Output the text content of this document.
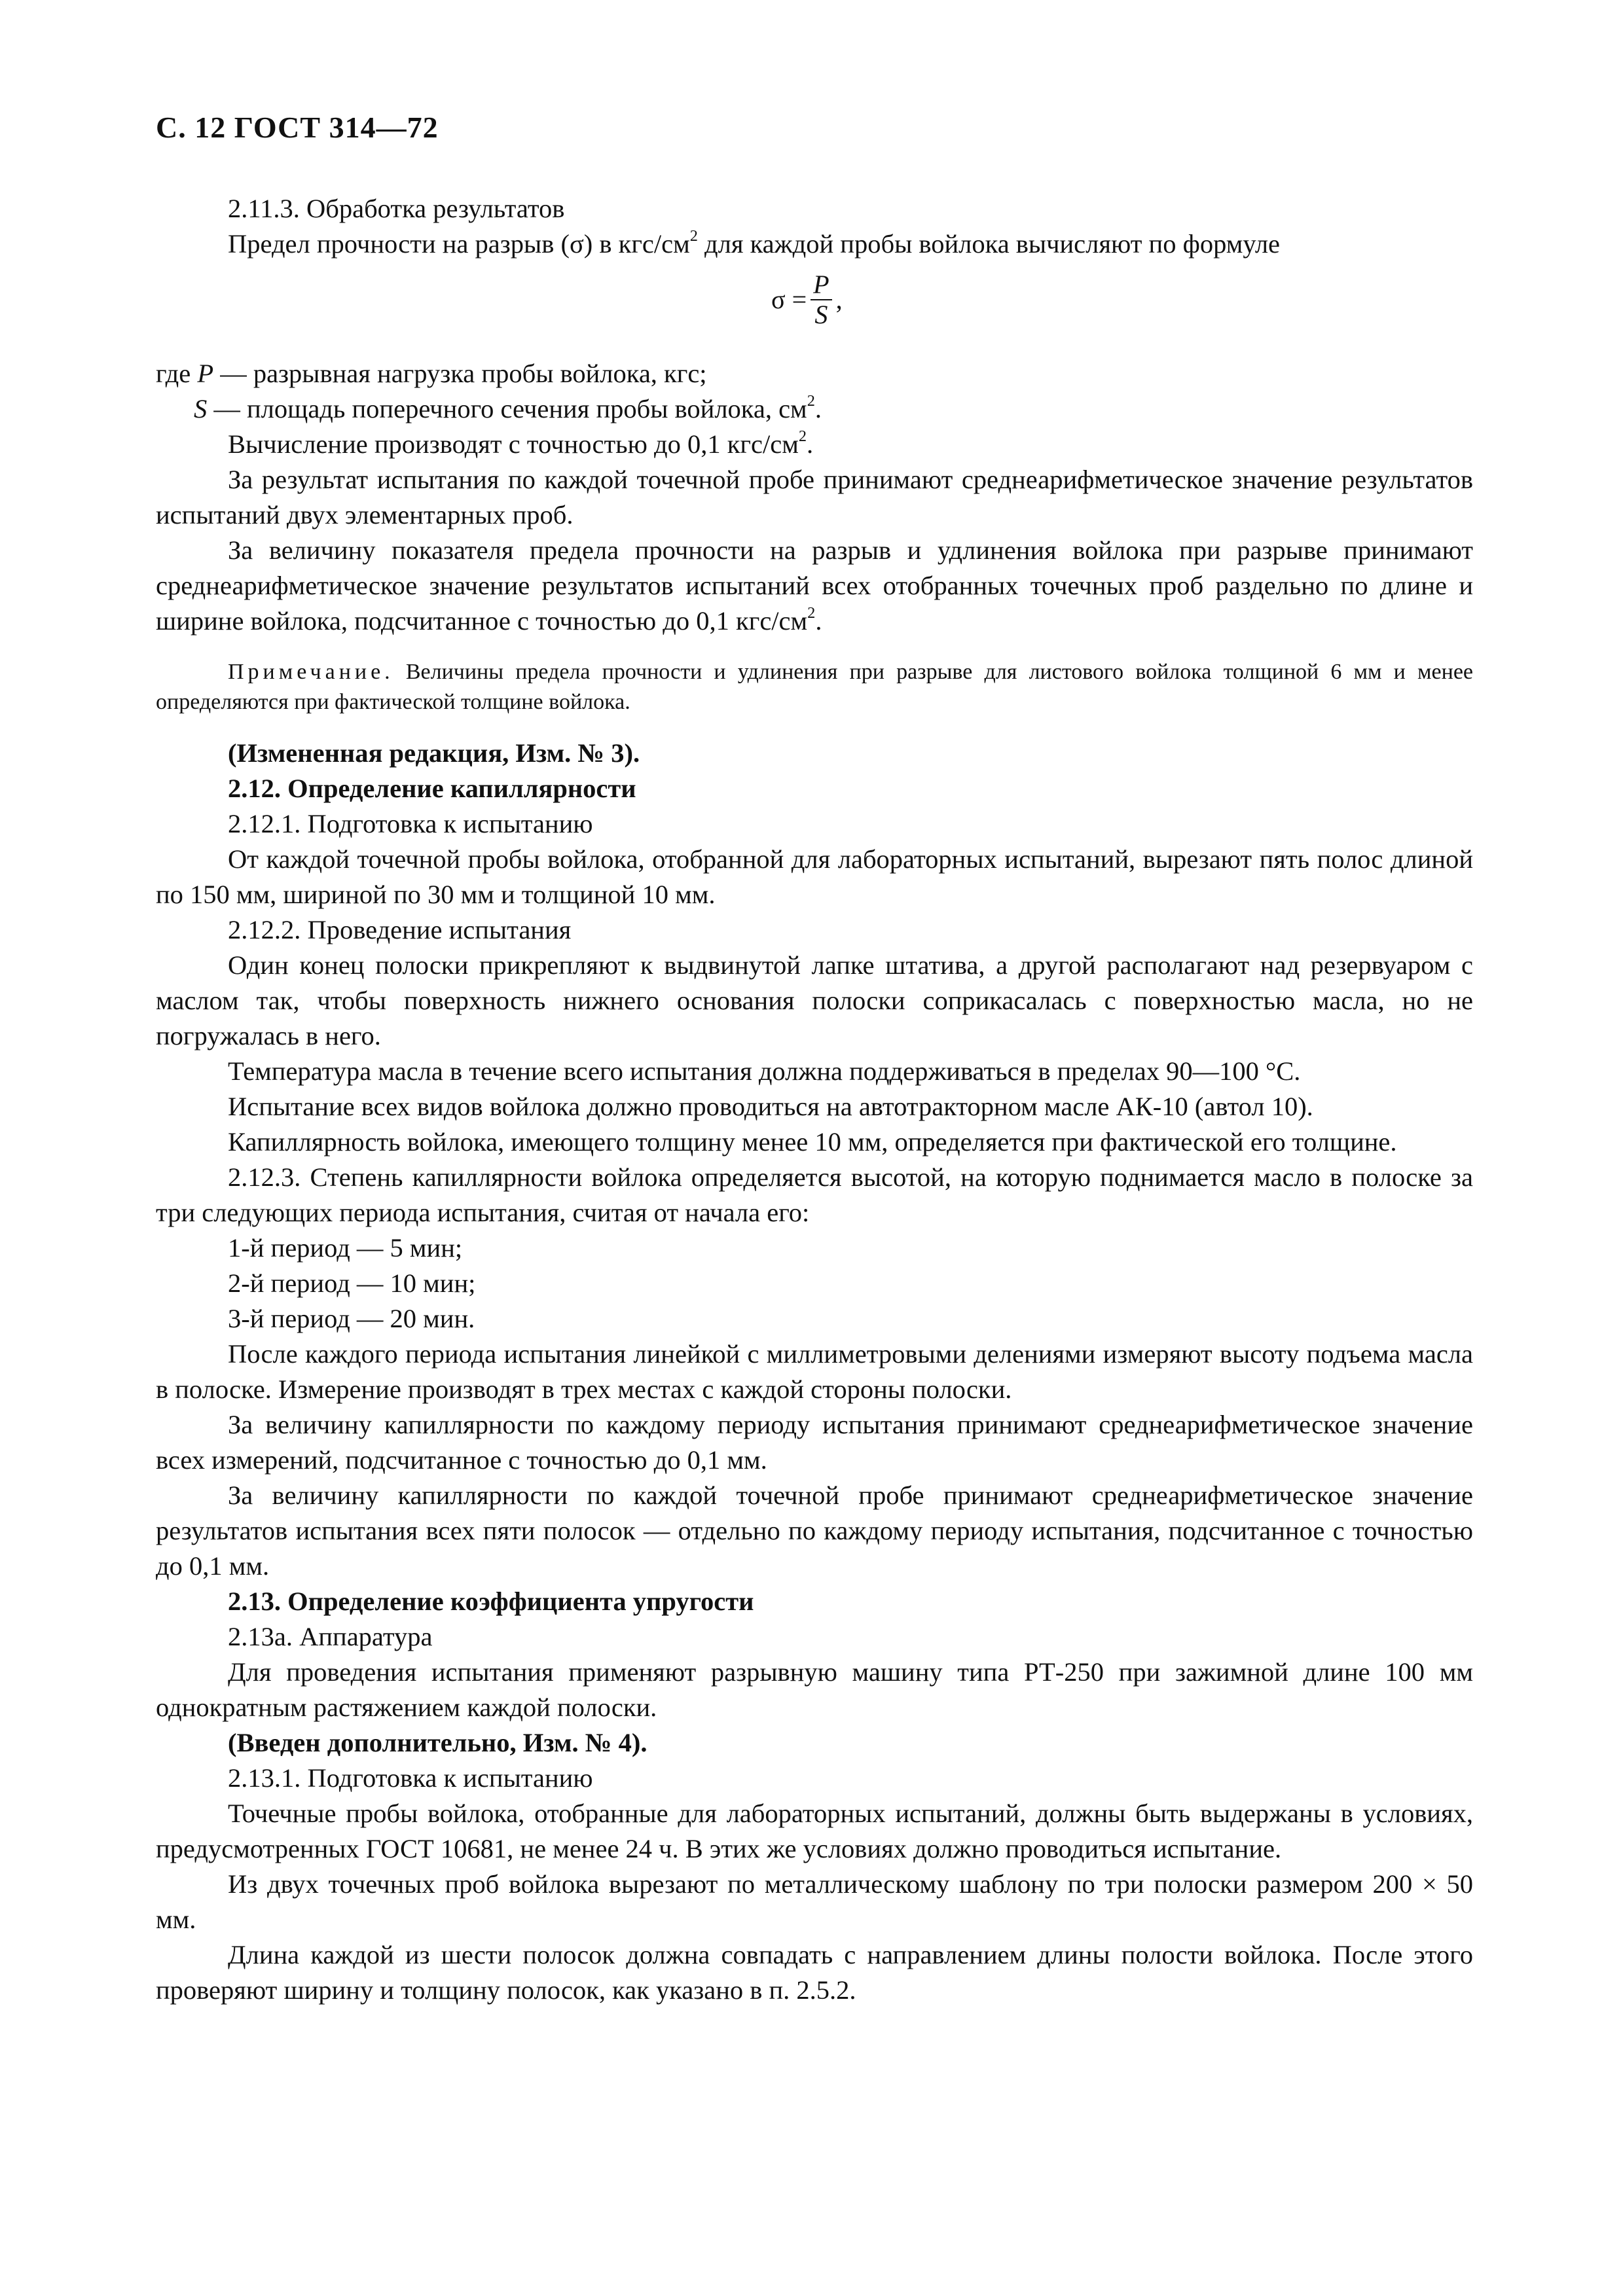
С. 12 ГОСТ 314—72

2.11.3. Обработка результатов

Предел прочности на разрыв (σ) в кгс/$см^2$ для каждой пробы войлока вычисляют по формуле

$\sigma = \frac{P}{S}$ ,

где P — разрывная нагрузка пробы войлока, кгс;

S — площадь поперечного сечения пробы войлока, $см^2$.

Вычисление производят с точностью до 0,1 кгс/$см^2$.

За результат испытания по каждой точечной пробе принимают среднеарифметическое значение результатов испытаний двух элементарных проб.

За величину показателя предела прочности на разрыв и удлинения войлока при разрыве принимают среднеарифметическое значение результатов испытаний всех отобранных точечных проб раздельно по длине и ширине войлока, подсчитанное с точностью до 0,1 кгс/$см^2$.

Примечание. Величины предела прочности и удлинения при разрыве для листового войлока толщиной 6 мм и менее определяются при фактической толщине войлока.

(Измененная редакция, Изм. № 3).

2.12. Определение капиллярности

2.12.1. Подготовка к испытанию

От каждой точечной пробы войлока, отобранной для лабораторных испытаний, вырезают пять полос длиной по 150 мм, шириной по 30 мм и толщиной 10 мм.

2.12.2. Проведение испытания

Один конец полоски прикрепляют к выдвинутой лапке штатива, а другой располагают над резервуаром с маслом так, чтобы поверхность нижнего основания полоски соприкасалась с поверхностью масла, но не погружалась в него.

Температура масла в течение всего испытания должна поддерживаться в пределах 90—100 °С.

Испытание всех видов войлока должно проводиться на автотракторном масле АК-10 (автол 10).

Капиллярность войлока, имеющего толщину менее 10 мм, определяется при фактической его толщине.

2.12.3. Степень капиллярности войлока определяется высотой, на которую поднимается масло в полоске за три следующих периода испытания, считая от начала его:

1-й период — 5 мин;

2-й период — 10 мин;

3-й период — 20 мин.

После каждого периода испытания линейкой с миллиметровыми делениями измеряют высоту подъема масла в полоске. Измерение производят в трех местах с каждой стороны полоски.

За величину капиллярности по каждому периоду испытания принимают среднеарифметическое значение всех измерений, подсчитанное с точностью до 0,1 мм.

За величину капиллярности по каждой точечной пробе принимают среднеарифметическое значение результатов испытания всех пяти полосок — отдельно по каждому периоду испытания, подсчитанное с точностью до 0,1 мм.

2.13. Определение коэффициента упругости

2.13а. Аппаратура

Для проведения испытания применяют разрывную машину типа РТ-250 при зажимной длине 100 мм однократным растяжением каждой полоски.

(Введен дополнительно, Изм. № 4).

2.13.1. Подготовка к испытанию

Точечные пробы войлока, отобранные для лабораторных испытаний, должны быть выдержаны в условиях, предусмотренных ГОСТ 10681, не менее 24 ч. В этих же условиях должно проводиться испытание.

Из двух точечных проб войлока вырезают по металлическому шаблону по три полоски размером 200 × 50 мм.

Длина каждой из шести полосок должна совпадать с направлением длины полости войлока. После этого проверяют ширину и толщину полосок, как указано в п. 2.5.2.
